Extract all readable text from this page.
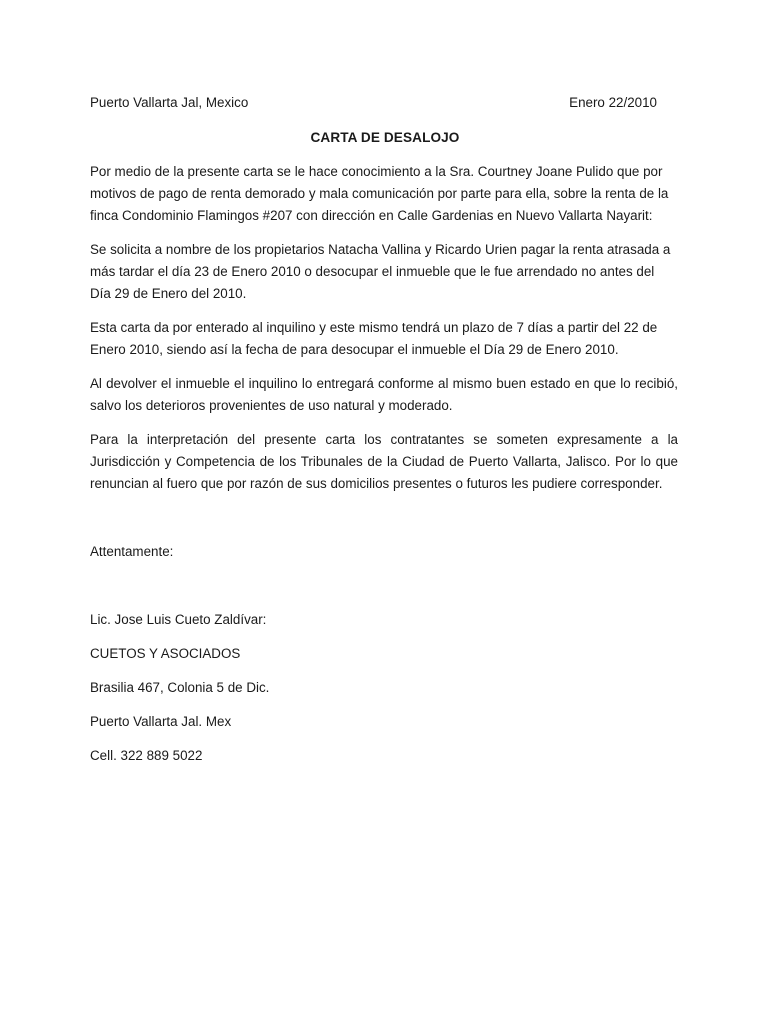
Puerto Vallarta Jal, Mexico	Enero 22/2010
CARTA DE DESALOJO

Por medio de la presente carta se le hace conocimiento a la Sra. Courtney Joane Pulido que por motivos de pago de renta demorado y mala comunicación por parte para ella, sobre la renta de la finca Condominio Flamingos #207 con dirección en Calle Gardenias en Nuevo Vallarta Nayarit:

Se solicita a nombre de los propietarios Natacha Vallina y Ricardo Urien pagar la renta atrasada a más tardar el día 23 de Enero 2010 o desocupar el inmueble que le fue arrendado no antes del Día 29 de Enero del 2010.

Esta carta da por enterado al inquilino y este mismo tendrá un plazo de 7 días a partir del 22 de Enero 2010, siendo así la fecha de para desocupar el inmueble el Día 29 de Enero 2010.

Al devolver el inmueble el inquilino lo entregará conforme al mismo buen estado en que lo recibió, salvo los deterioros provenientes de uso natural y moderado.

Para la interpretación del presente carta los contratantes se someten expresamente a la Jurisdicción y Competencia de los Tribunales de la Ciudad de Puerto Vallarta, Jalisco. Por lo que renuncian al fuero que por razón de sus domicilios presentes o futuros les pudiere corresponder.

Attentamente:
Lic. Jose Luis Cueto Zaldívar:
CUETOS Y ASOCIADOS
Brasilia 467, Colonia 5 de Dic.
Puerto Vallarta Jal. Mex
Cell. 322 889 5022
